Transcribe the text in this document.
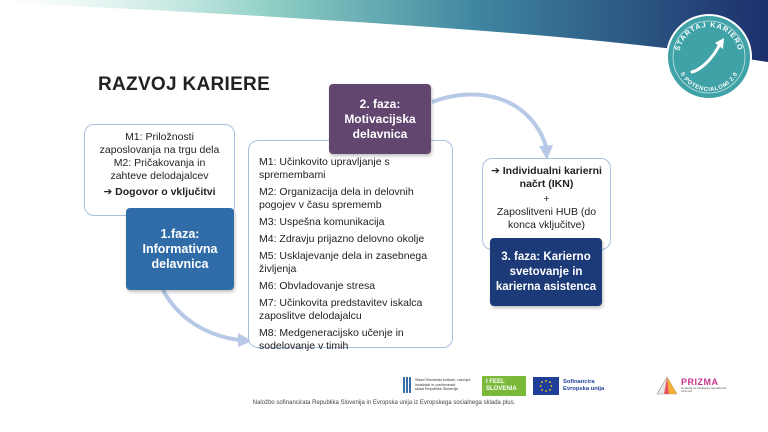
ŠTARTAJ KARIERO
S POTENCIALOMI 2.0
RAZVOJ KARIERE
M1: Priložnosti
zaposlovanja na trgu dela
M2: Pričakovanja in
zahteve delodajalcev
➔ Dogovor o vključitvi
1.faza:
Informativna
delavnica
M1: Učinkovito upravljanje s spremembami
M2: Organizacija dela in delovnih pogojev v času sprememb
M3: Uspešna komunikacija
M4: Zdravju prijazno delovno okolje
M5: Usklajevanje dela in zasebnega življenja
M6: Obvladovanje stresa
M7: Učinkovita predstavitev iskalca zaposlitve delodajalcu
M8: Medgeneracijsko učenje in sodelovanje v timih
2. faza:
Motivacijska
delavnica
➔ Individualni karierni
načrt (IKN)
+
Zaposlitveni HUB (do
konca vključitve)
3. faza: Karierno
svetovanje in
karierna asistenca
Sklad Slovenski kulturni, razvojni,
invalidski in preživninski
sklad Republike Slovenije
I FEEL
SLOVENIA
Sofinancira
Evropska unija
PRIZMA
fundacija za izboljšanje zaposlitvenih možnosti
Naložbo sofinancirata Republika Slovenija in Evropska unija iz Evropskega socialnega sklada plus.
